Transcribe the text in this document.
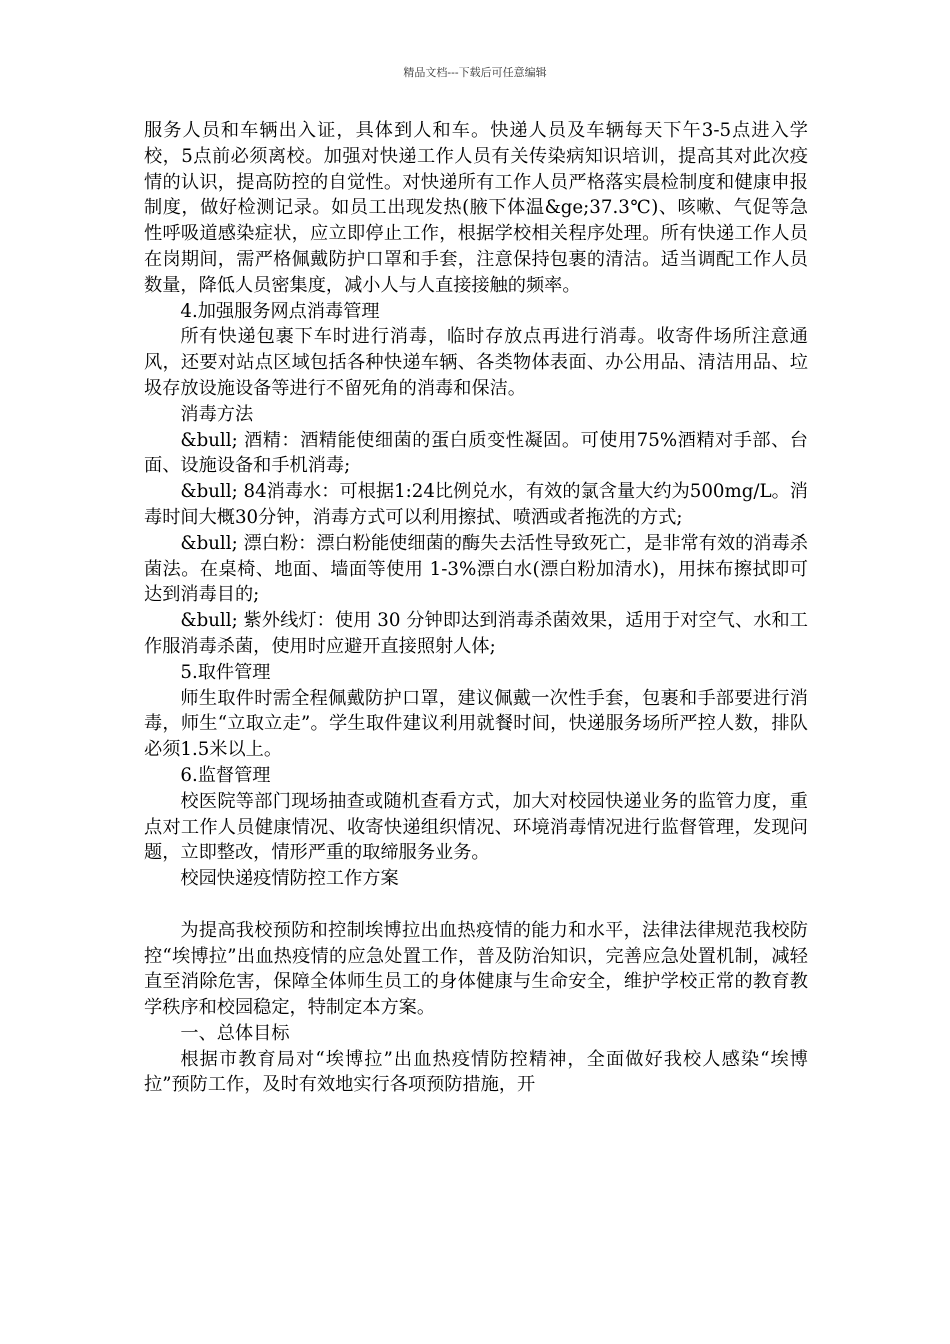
精品文档---下载后可任意编辑

服务人员和车辆出入证，具体到人和车。快递人员及车辆每天下午3-5点进入学校，5点前必须离校。加强对快递工作人员有关传染病知识培训，提高其对此次疫情的认识，提高防控的自觉性。对快递所有工作人员严格落实晨检制度和健康申报制度，做好检测记录。如员工出现发热(腋下体温&ge;37.3℃)、咳嗽、气促等急性呼吸道感染症状，应立即停止工作，根据学校相关程序处理。所有快递工作人员在岗期间，需严格佩戴防护口罩和手套，注意保持包裹的清洁。适当调配工作人员数量，降低人员密集度，减小人与人直接接触的频率。

4.加强服务网点消毒管理

所有快递包裹下车时进行消毒，临时存放点再进行消毒。收寄件场所注意通风，还要对站点区域包括各种快递车辆、各类物体表面、办公用品、清洁用品、垃圾存放设施设备等进行不留死角的消毒和保洁。

消毒方法

&bull; 酒精：酒精能使细菌的蛋白质变性凝固。可使用75%酒精对手部、台面、设施设备和手机消毒;

&bull; 84消毒水：可根据1:24比例兑水，有效的氯含量大约为500mg/L。消毒时间大概30分钟，消毒方式可以利用擦拭、喷洒或者拖洗的方式;

&bull; 漂白粉：漂白粉能使细菌的酶失去活性导致死亡，是非常有效的消毒杀菌法。在桌椅、地面、墙面等使用 1-3%漂白水(漂白粉加清水)，用抹布擦拭即可达到消毒目的;

&bull; 紫外线灯：使用 30 分钟即达到消毒杀菌效果，适用于对空气、水和工作服消毒杀菌，使用时应避开直接照射人体;

5.取件管理

师生取件时需全程佩戴防护口罩，建议佩戴一次性手套，包裹和手部要进行消毒，师生“立取立走”。学生取件建议利用就餐时间，快递服务场所严控人数，排队必须1.5米以上。

6.监督管理

校医院等部门现场抽查或随机查看方式，加大对校园快递业务的监管力度，重点对工作人员健康情况、收寄快递组织情况、环境消毒情况进行监督管理，发现问题，立即整改，情形严重的取缔服务业务。

校园快递疫情防控工作方案

为提高我校预防和控制埃博拉出血热疫情的能力和水平，法律法律规范我校防控“埃博拉”出血热疫情的应急处置工作，普及防治知识，完善应急处置机制，减轻直至消除危害，保障全体师生员工的身体健康与生命安全，维护学校正常的教育教学秩序和校园稳定，特制定本方案。

一、总体目标

根据市教育局对“埃博拉”出血热疫情防控精神，全面做好我校人感染“埃博拉”预防工作，及时有效地实行各项预防措施，开
